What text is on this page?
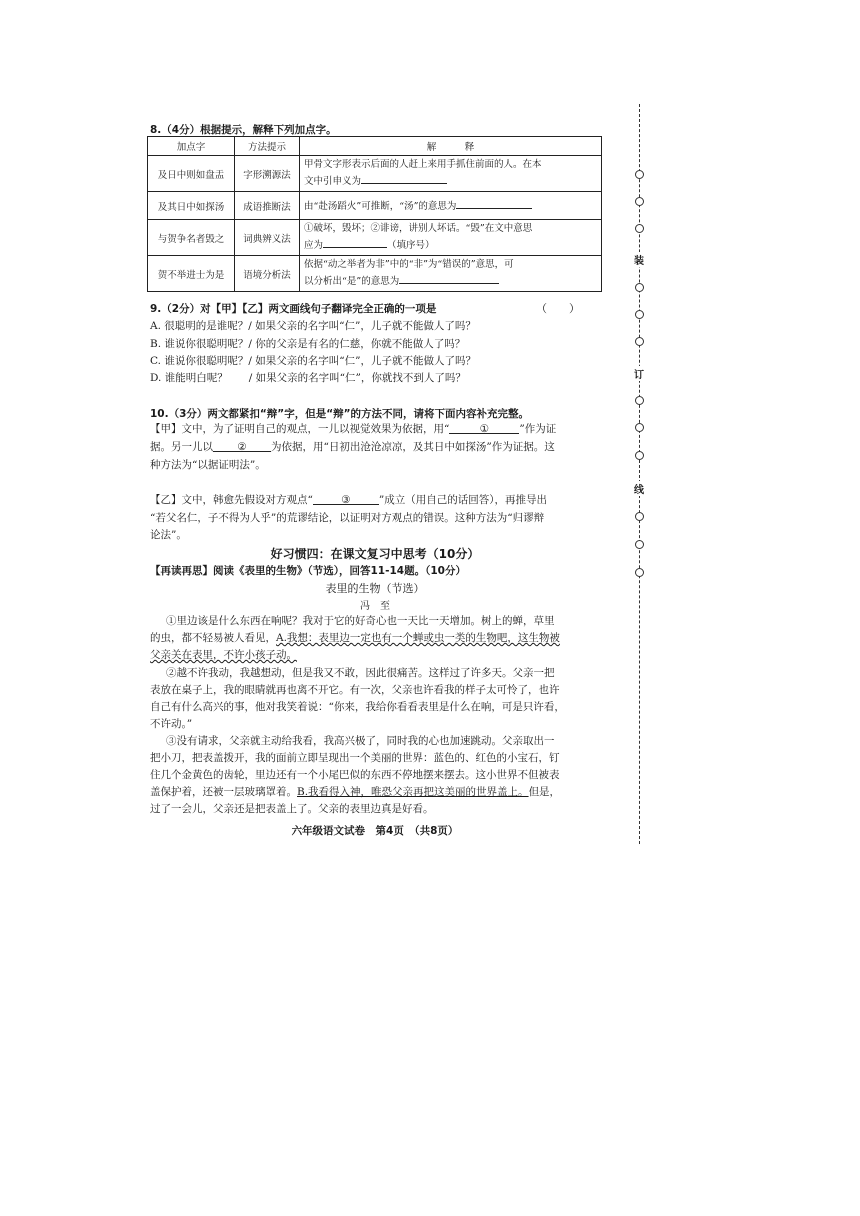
8.（4分）根据提示，解释下列加点字。
加点字	方法提示	解　　　释
及日中则如盘盂	字形溯源法	甲骨文字形表示后面的人赶上来用手抓住前面的人。在本
文中引申义为

及其日中如探汤	成语推断法	由“赴汤蹈火”可推断，“汤”的意思为
与贺争名者毁之	词典辨义法	①破坏，毁坏；②诽谤，讲别人坏话。“毁”在文中意思
应为 （填序号）

贺不举进士为是	语境分析法	依据“动之举者为非”中的“非”为“错误的”意思，可
以分析出“是”的意思为
9.（2分）对【甲】【乙】两文画线句子翻译完全正确的一项是	（　　）
A. 很聪明的是谁呢？/ 如果父亲的名字叫“仁”，儿子就不能做人了吗？
B. 谁说你很聪明呢？/ 你的父亲是有名的仁慈，你就不能做人了吗？
C. 谁说你很聪明呢？/ 如果父亲的名字叫“仁”，儿子就不能做人了吗？
D. 谁能明白呢？　　/ 如果父亲的名字叫“仁”，你就找不到人了吗？
10.（3分）两文都紧扣“辩”字，但是“辩”的方法不同，请将下面内容补充完整。
【甲】文中，为了证明自己的观点，一儿以视觉效果为依据，用“	①	”作为证
据。另一儿以 ② 为依据，用“日初出沧沧凉凉，及其日中如探汤”作为证据。这
种方法为“以据证明法”。
【乙】文中，韩愈先假设对方观点“	③	”成立（用自己的话回答），再推导出
“若父名仁，子不得为人乎”的荒谬结论，以证明对方观点的错误。这种方法为“归谬辩
论法”。
好习惯四：在课文复习中思考（10分）
【再读再思】阅读《表里的生物》（节选），回答11-14题。（10分）
表里的生物（节选）
冯　至
①里边该是什么东西在响呢？我对于它的好奇心也一天比一天增加。树上的蝉，草里
的虫，都不轻易被人看见，A.我想：表里边一定也有一个蝉或虫一类的生物吧，这生物被
父亲关在表里，不许小孩子动。
②越不许我动，我越想动，但是我又不敢，因此很痛苦。这样过了许多天。父亲一把
表放在桌子上，我的眼睛就再也离不开它。有一次，父亲也许看我的样子太可怜了，也许
自己有什么高兴的事，他对我笑着说：“你来，我给你看看表里是什么在响，可是只许看，
不许动。”
③没有请求，父亲就主动给我看，我高兴极了，同时我的心也加速跳动。父亲取出一
把小刀，把表盖拨开，我的面前立即呈现出一个美丽的世界：蓝色的、红色的小宝石，钉
住几个金黄色的齿轮，里边还有一个小尾巴似的东西不停地摆来摆去。这小世界不但被表
盖保护着，还被一层玻璃罩着。B.我看得入神，唯恐父亲再把这美丽的世界盖上。但是，
过了一会儿，父亲还是把表盖上了。父亲的表里边真是好看。
六年级语文试卷　第4页　（共8页）
装
订
线
